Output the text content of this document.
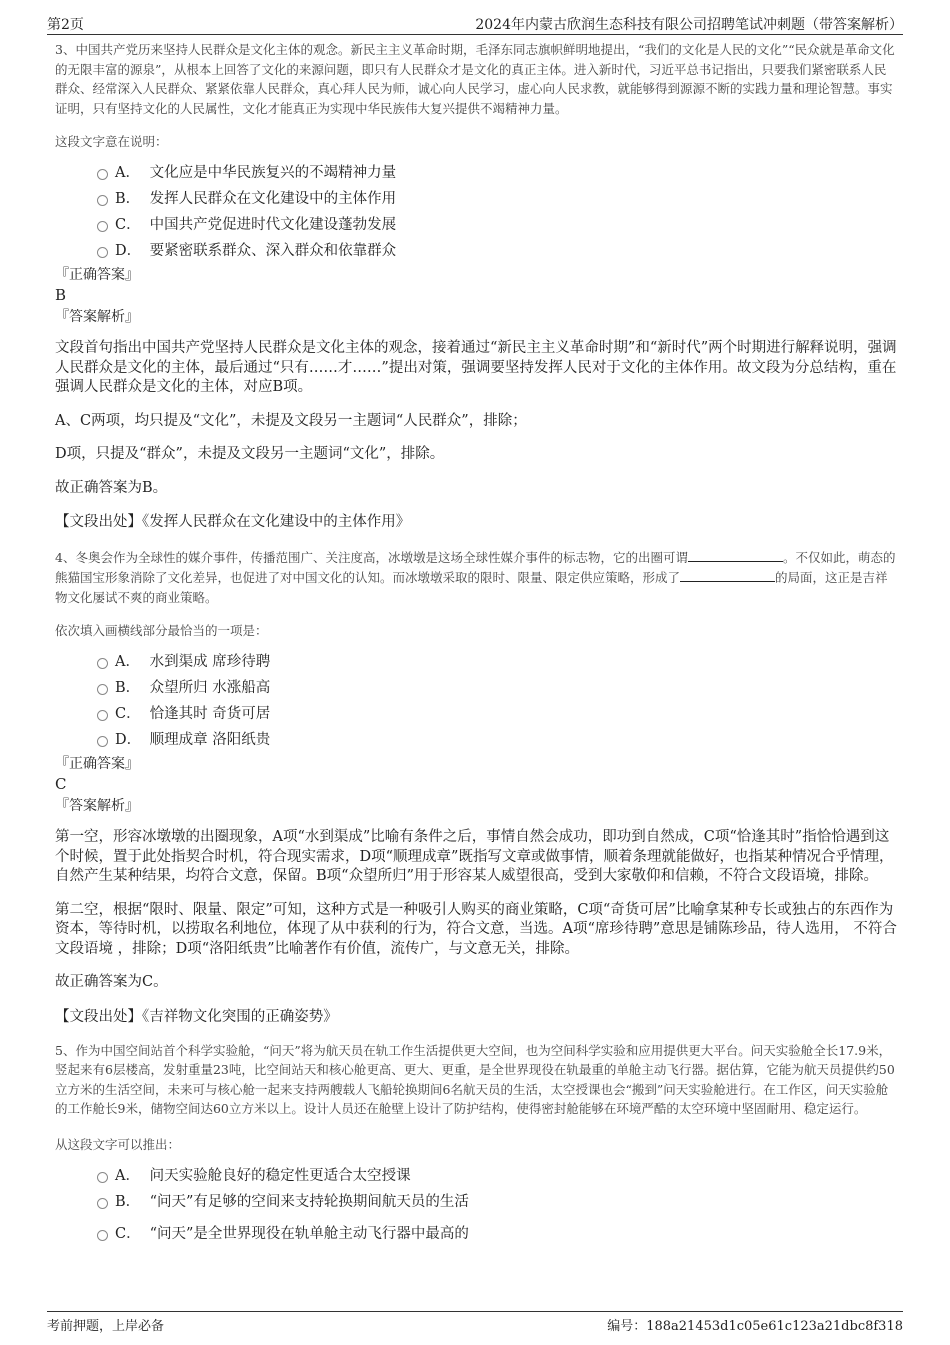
第2页	2024年内蒙古欣润生态科技有限公司招聘笔试冲刺题（带答案解析）

3、中国共产党历来坚持人民群众是文化主体的观念。新民主主义革命时期，毛泽东同志旗帜鲜明地提出，“我们的文化是人民的文化”“民众就是革命文化的无限丰富的源泉”，从根本上回答了文化的来源问题，即只有人民群众才是文化的真正主体。进入新时代，习近平总书记指出，只要我们紧密联系人民群众、经常深入人民群众、紧紧依靠人民群众，真心拜人民为师，诚心向人民学习，虚心向人民求教，就能够得到源源不断的实践力量和理论智慧。事实证明，只有坚持文化的人民属性，文化才能真正为实现中华民族伟大复兴提供不竭精神力量。

这段文字意在说明：
A． 文化应是中华民族复兴的不竭精神力量
B． 发挥人民群众在文化建设中的主体作用
C． 中国共产党促进时代文化建设蓬勃发展
D． 要紧密联系群众、深入群众和依靠群众
『正确答案』
B
『答案解析』
文段首句指出中国共产党坚持人民群众是文化主体的观念，接着通过“新民主主义革命时期”和“新时代”两个时期进行解释说明，强调人民群众是文化的主体，最后通过“只有……才……”提出对策，强调要坚持发挥人民对于文化的主体作用。故文段为分总结构，重在强调人民群众是文化的主体，对应B项。
A、C两项，均只提及“文化”，未提及文段另一主题词“人民群众”，排除；
D项，只提及“群众”，未提及文段另一主题词“文化”，排除。
故正确答案为B。
【文段出处】《发挥人民群众在文化建设中的主体作用》

4、冬奥会作为全球性的媒介事件，传播范围广、关注度高，冰墩墩是这场全球性媒介事件的标志物，它的出圈可谓	。不仅如此，萌态的熊猫国宝形象消除了文化差异，也促进了对中国文化的认知。而冰墩墩采取的限时、限量、限定供应策略，形成了	的局面，这正是吉祥物文化屡试不爽的商业策略。

依次填入画横线部分最恰当的一项是：
A． 水到渠成 席珍待聘
B． 众望所归 水涨船高
C． 恰逢其时 奇货可居
D． 顺理成章 洛阳纸贵
『正确答案』
C
『答案解析』
第一空，形容冰墩墩的出圈现象，A项“水到渠成”比喻有条件之后，事情自然会成功，即功到自然成，C项“恰逢其时”指恰恰遇到这个时候，置于此处指契合时机，符合现实需求，D项“顺理成章”既指写文章或做事情，顺着条理就能做好，也指某种情况合乎情理，自然产生某种结果，均符合文意，保留。B项“众望所归”用于形容某人威望很高，受到大家敬仰和信赖，不符合文段语境，排除。
第二空，根据“限时、限量、限定”可知，这种方式是一种吸引人购买的商业策略，C项“奇货可居”比喻拿某种专长或独占的东西作为资本，等待时机，以捞取名利地位，体现了从中获利的行为，符合文意，当选。A项“席珍待聘”意思是铺陈珍品，待人选用， 不符合文段语境 ，排除；D项“洛阳纸贵”比喻著作有价值，流传广，与文意无关，排除。
故正确答案为C。
【文段出处】《吉祥物文化突围的正确姿势》

5、作为中国空间站首个科学实验舱，“问天”将为航天员在轨工作生活提供更大空间，也为空间科学实验和应用提供更大平台。问天实验舱全长17.9米，竖起来有6层楼高，发射重量23吨，比空间站天和核心舱更高、更大、更重，是全世界现役在轨最重的单舱主动飞行器。据估算，它能为航天员提供约50立方米的生活空间，未来可与核心舱一起来支持两艘载人飞船轮换期间6名航天员的生活，太空授课也会“搬到”问天实验舱进行。在工作区，问天实验舱的工作舱长9米，储物空间达60立方米以上。设计人员还在舱壁上设计了防护结构，使得密封舱能够在环境严酷的太空环境中坚固耐用、稳定运行。

从这段文字可以推出：
A． 问天实验舱良好的稳定性更适合太空授课
B． “问天”有足够的空间来支持轮换期间航天员的生活
C． “问天”是全世界现役在轨单舱主动飞行器中最高的
考前押题，上岸必备	编号：188a21453d1c05e61c123a21dbc8f318
